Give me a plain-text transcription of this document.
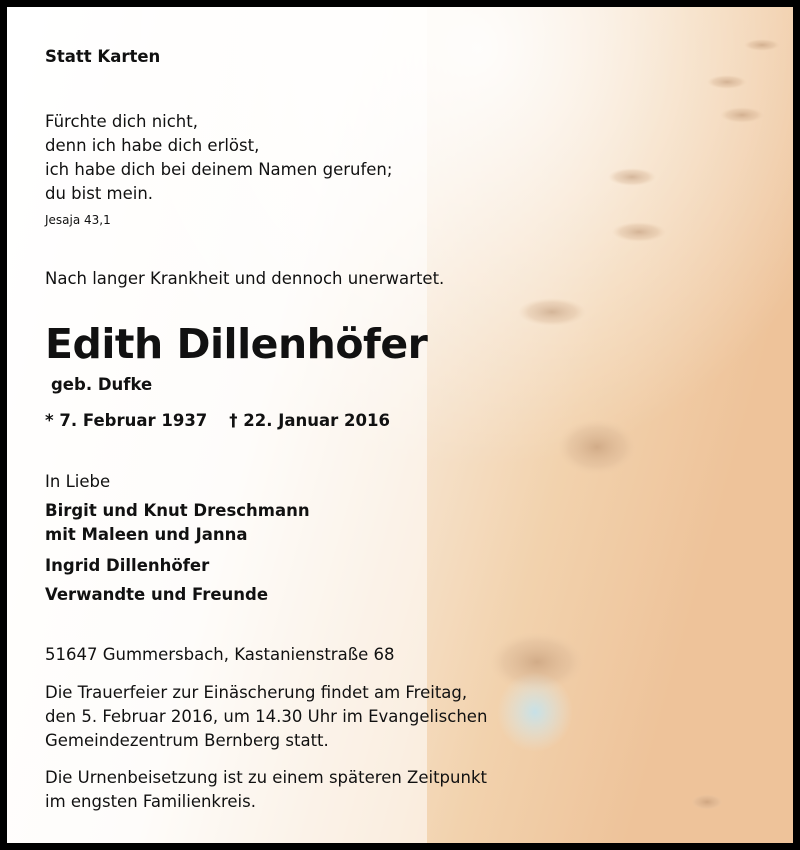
Statt Karten

Fürchte dich nicht,

denn ich habe dich erlöst,

ich habe dich bei deinem Namen gerufen;

du bist mein.

Jesaja 43,1

Nach langer Krankheit und dennoch unerwartet.

Edith Dillenhöfer

geb. Dufke

* 7. Februar 1937 † 22. Januar 2016

In Liebe

Birgit und Knut Dreschmann

mit Maleen und Janna

Ingrid Dillenhöfer

Verwandte und Freunde

51647 Gummersbach, Kastanienstraße 68

Die Trauerfeier zur Einäscherung findet am Freitag,

den 5. Februar 2016, um 14.30 Uhr im Evangelischen

Gemeindezentrum Bernberg statt.

Die Urnenbeisetzung ist zu einem späteren Zeitpunkt

im engsten Familienkreis.
